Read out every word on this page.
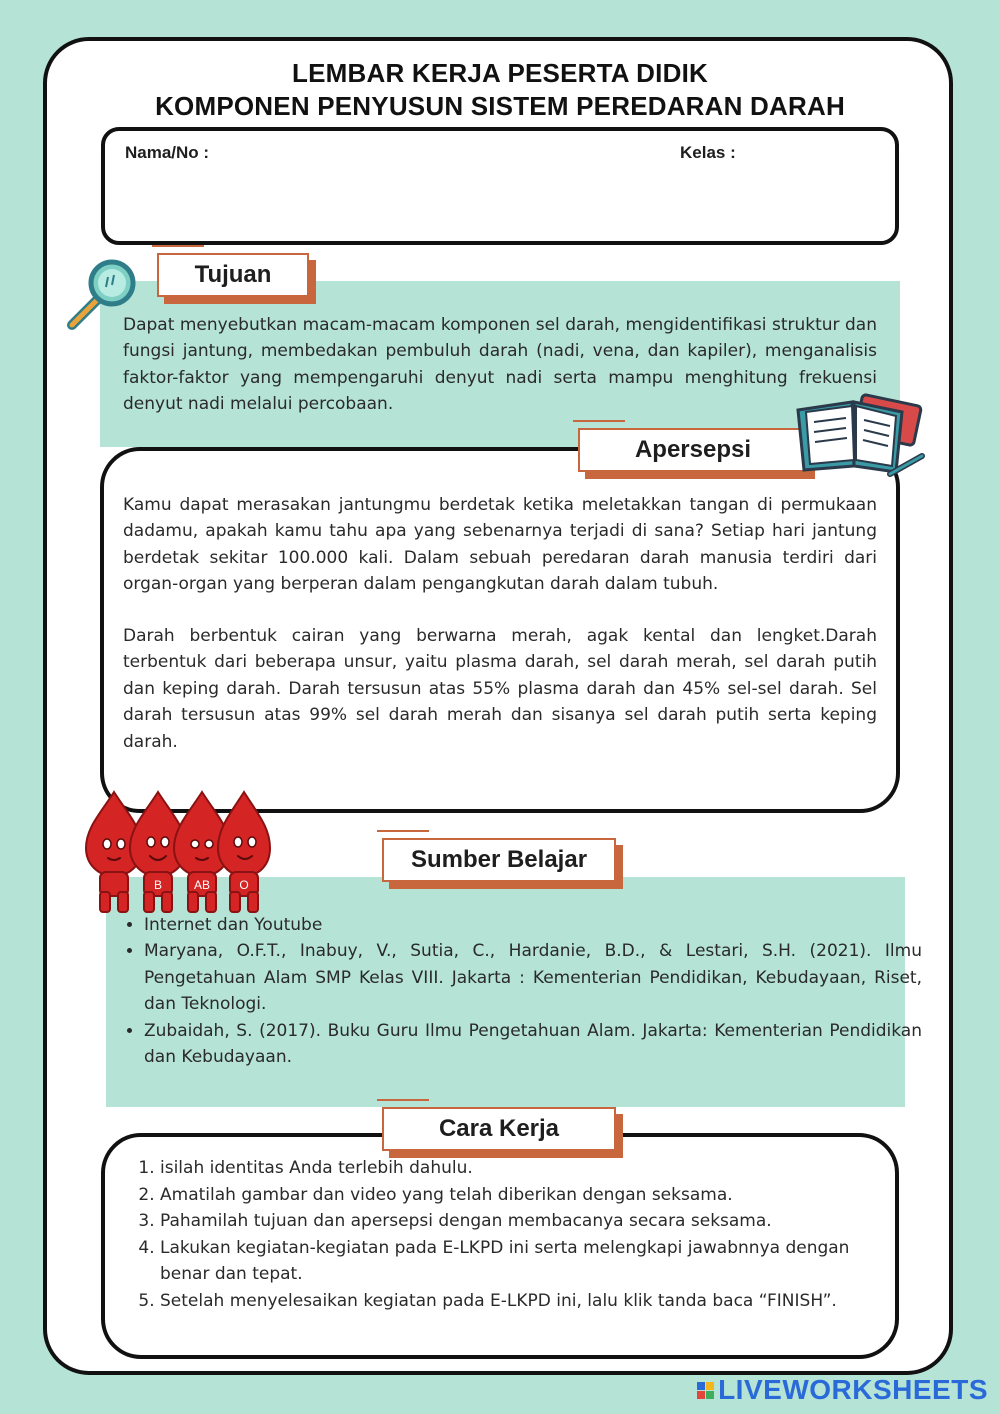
LEMBAR KERJA PESERTA DIDIK
KOMPONEN PENYUSUN SISTEM PEREDARAN DARAH
Nama/No :	Kelas :
Tujuan

Dapat menyebutkan macam-macam komponen sel darah, mengidentifikasi struktur dan fungsi jantung, membedakan pembuluh darah (nadi, vena, dan kapiler), menganalisis faktor-faktor yang mempengaruhi denyut nadi serta mampu menghitung frekuensi denyut nadi melalui percobaan.

Apersepsi

Kamu dapat merasakan jantungmu berdetak ketika meletakkan tangan di permukaan dadamu, apakah kamu tahu apa yang sebenarnya terjadi di sana? Setiap hari jantung berdetak sekitar 100.000 kali. Dalam sebuah peredaran darah manusia terdiri dari organ-organ yang berperan dalam pengangkutan darah dalam tubuh.

Darah berbentuk cairan yang berwarna merah, agak kental dan lengket.Darah terbentuk dari beberapa unsur, yaitu plasma darah, sel darah merah, sel darah putih dan keping darah. Darah tersusun atas 55% plasma darah dan 45% sel-sel darah. Sel darah tersusun atas 99% sel darah merah dan sisanya sel darah putih serta keping darah.

Sumber Belajar
B	AB O
• Internet dan Youtube
• Maryana, O.F.T., Inabuy, V., Sutia, C., Hardanie, B.D., & Lestari, S.H. (2021). Ilmu Pengetahuan Alam SMP Kelas VIII. Jakarta : Kementerian Pendidikan, Kebudayaan, Riset, dan Teknologi.
• Zubaidah, S. (2017). Buku Guru Ilmu Pengetahuan Alam. Jakarta: Kementerian Pendidikan dan Kebudayaan.
Cara Kerja
1. isilah identitas Anda terlebih dahulu.
2. Amatilah gambar dan video yang telah diberikan dengan seksama.
3. Pahamilah tujuan dan apersepsi dengan membacanya secara seksama.
4. Lakukan kegiatan-kegiatan pada E-LKPD ini serta melengkapi jawabnnya dengan benar dan tepat.
5. Setelah menyelesaikan kegiatan pada E-LKPD ini, lalu klik tanda baca “FINISH”.
LIVEWORKSHEETS
